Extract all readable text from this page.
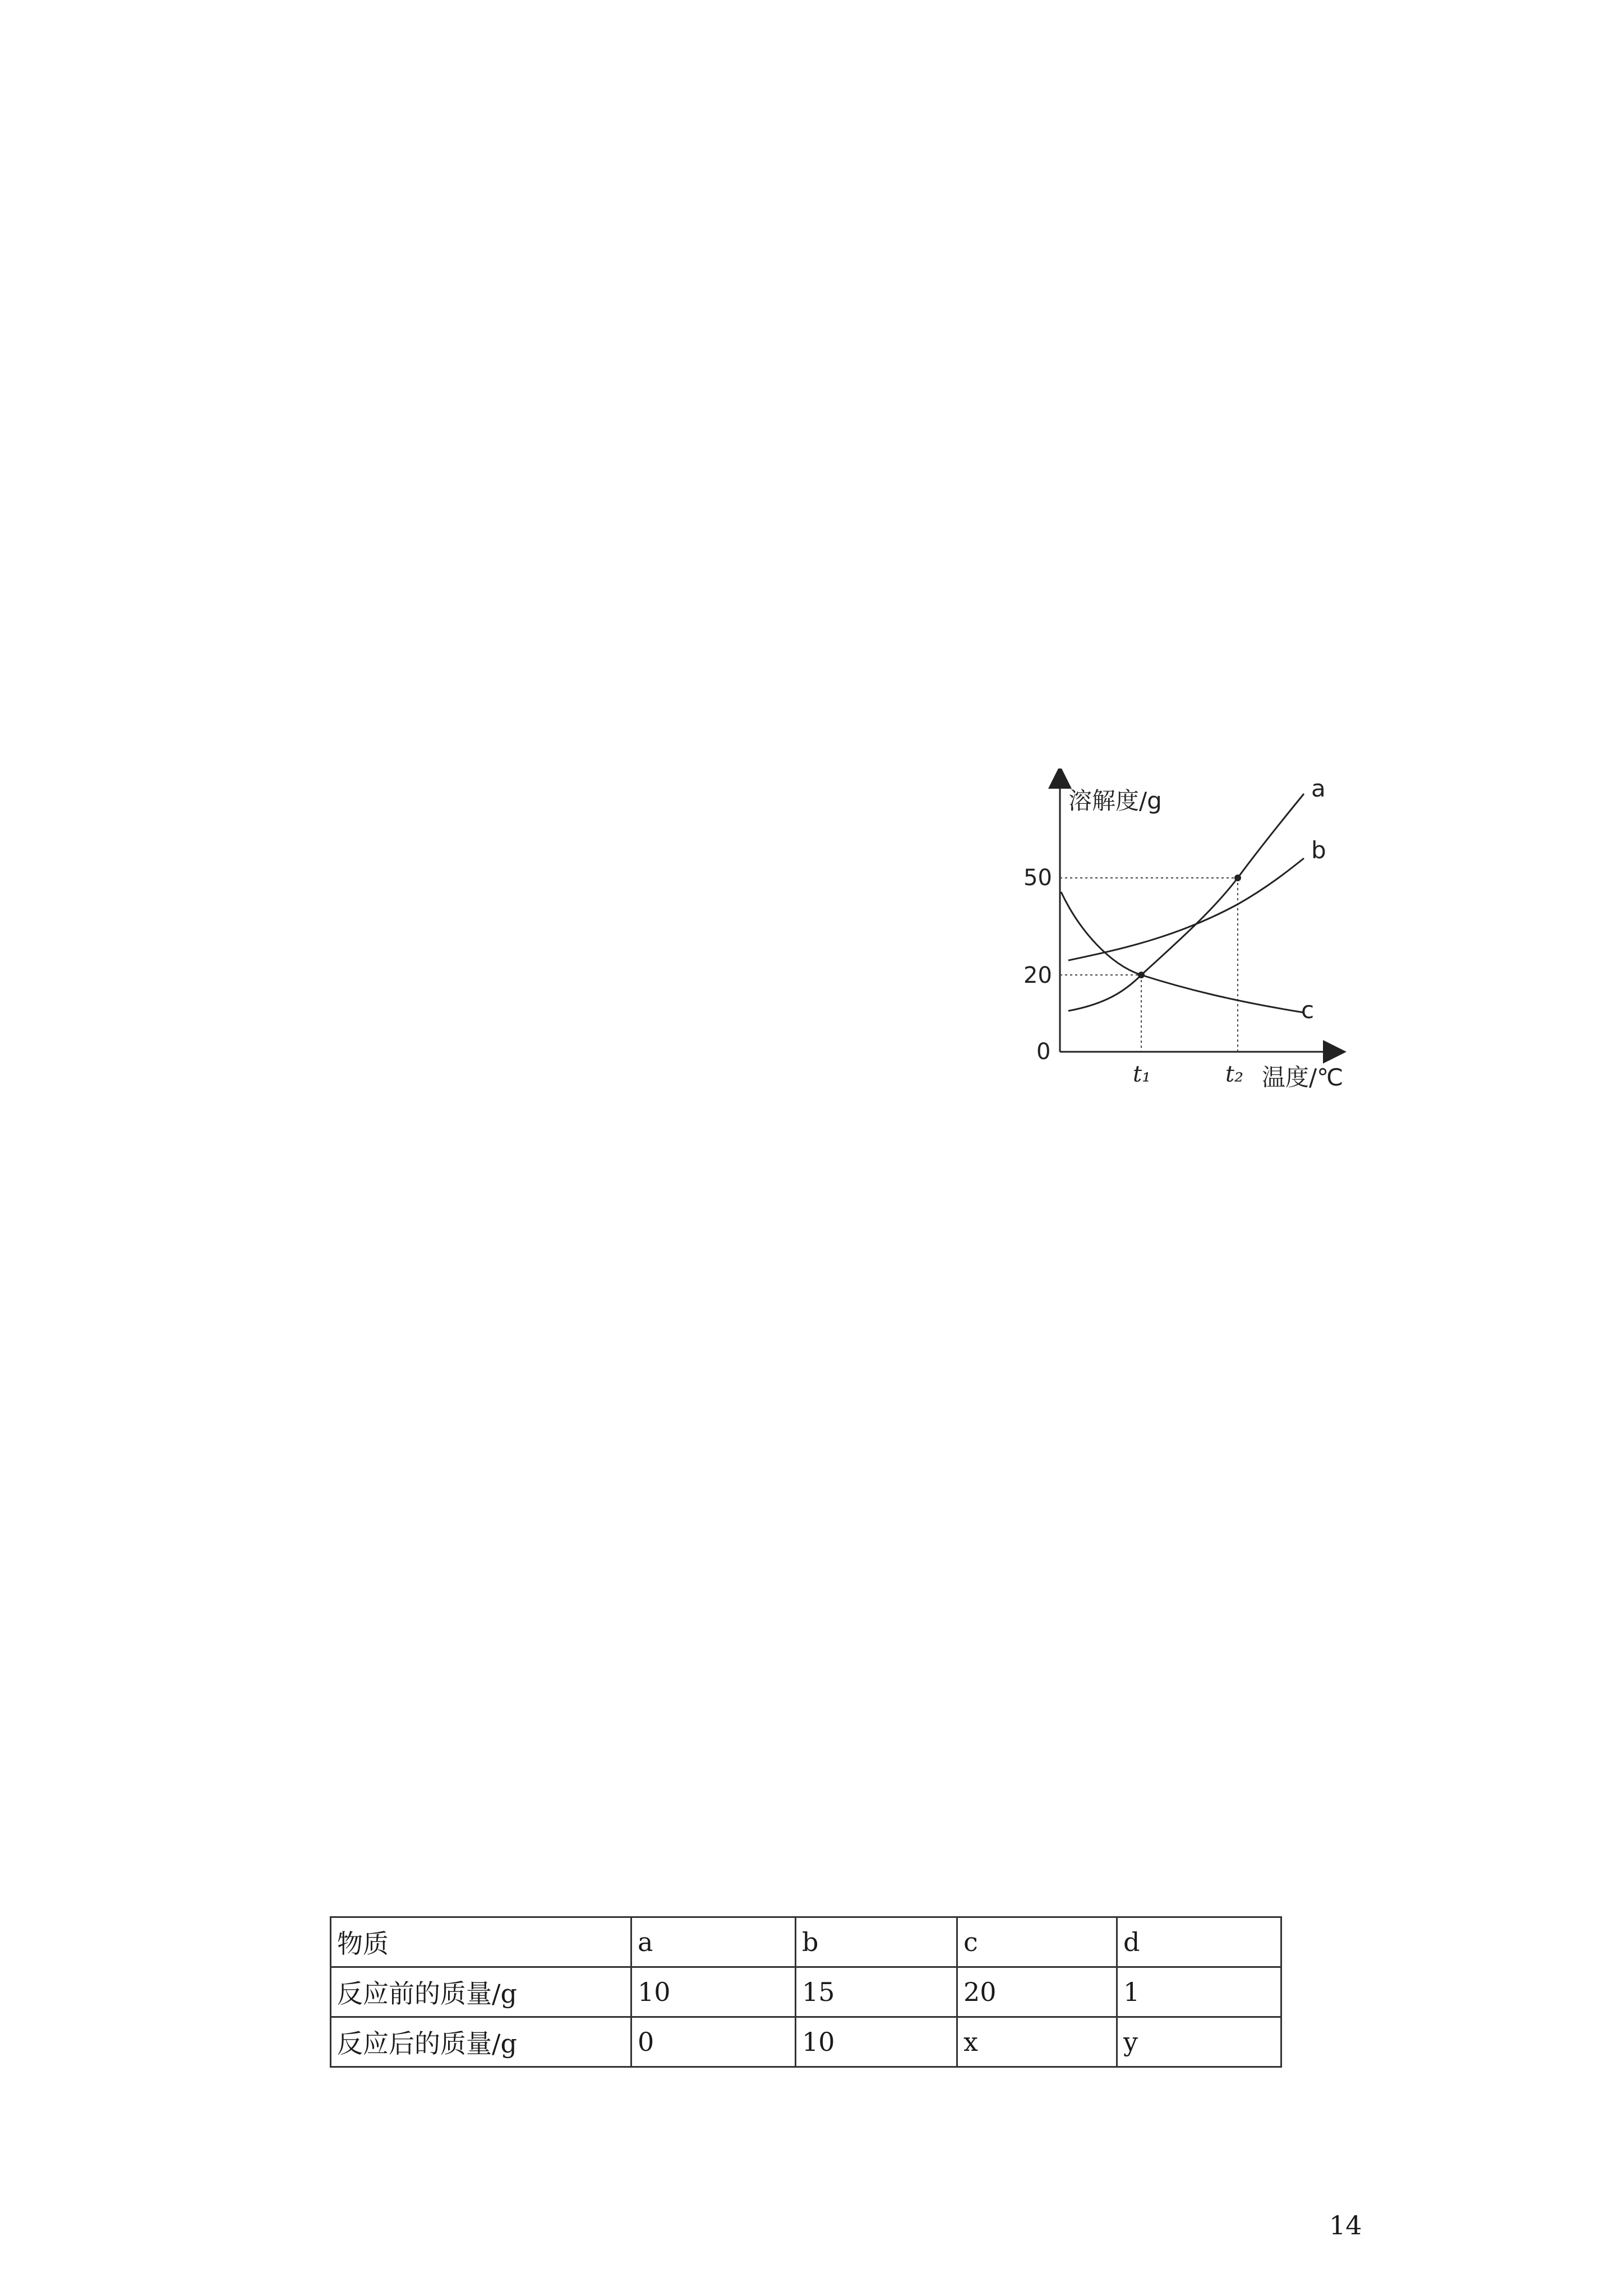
溶解度/g
温度/℃
0
20
50
t₁	t₂
a
b
c
物质	a	b	c	d
反应前的质量/g	10	15	20	1
反应后的质量/g	0	10	x	y
14
